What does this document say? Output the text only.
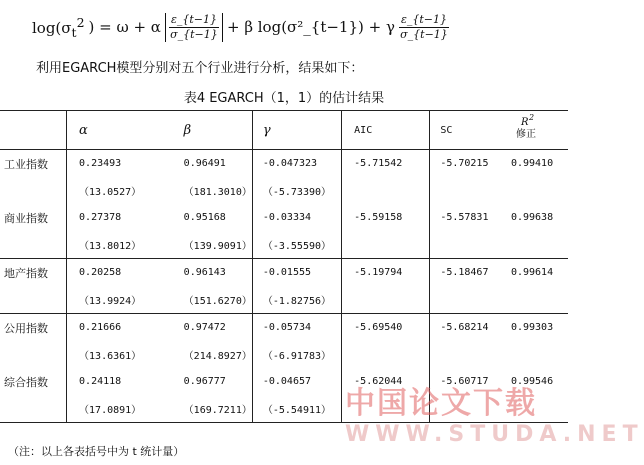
$\log(\sigma_t^2$ ) = ω + α $\frac{\varepsilon\_\{t-1\}}{\sigma\_\{t-1\}} + \beta$ log(σ²_{t−1}) + γ $\frac{\varepsilon\_\{t-1\}}{\sigma\_\{t-1\}}$
利用EGARCH模型分别对五个行业进行分析，结果如下：
表4 EGARCH（1，1）的估计结果
	α	β	γ	AIC	SC	R 2
修正

工业指数	0.23493	0.96491	-0.047323	-5.71542	-5.70215	0.99410
	（13.0527）	（181.3010）	（-5.73390）			
商业指数	0.27378	0.95168	-0.03334	-5.59158	-5.57831	0.99638
	（13.8012）	（139.9091）	（-3.55590）			
地产指数	0.20258	0.96143	-0.01555	-5.19794	-5.18467	0.99614
	（13.9924）	（151.6270）	（-1.82756）			
公用指数	0.21666	0.97472	-0.05734	-5.69540	-5.68214	0.99303
	（13.6361）	（214.8927）	（-6.91783）			
综合指数	0.24118	0.96777	-0.04657	-5.62044	-5.60717	0.99546
	（17.0891）	（169.7211）	（-5.54911）			
（注：以上各表括号中为 t 统计量）
中国论文下载
WWW.STUDA.NET
